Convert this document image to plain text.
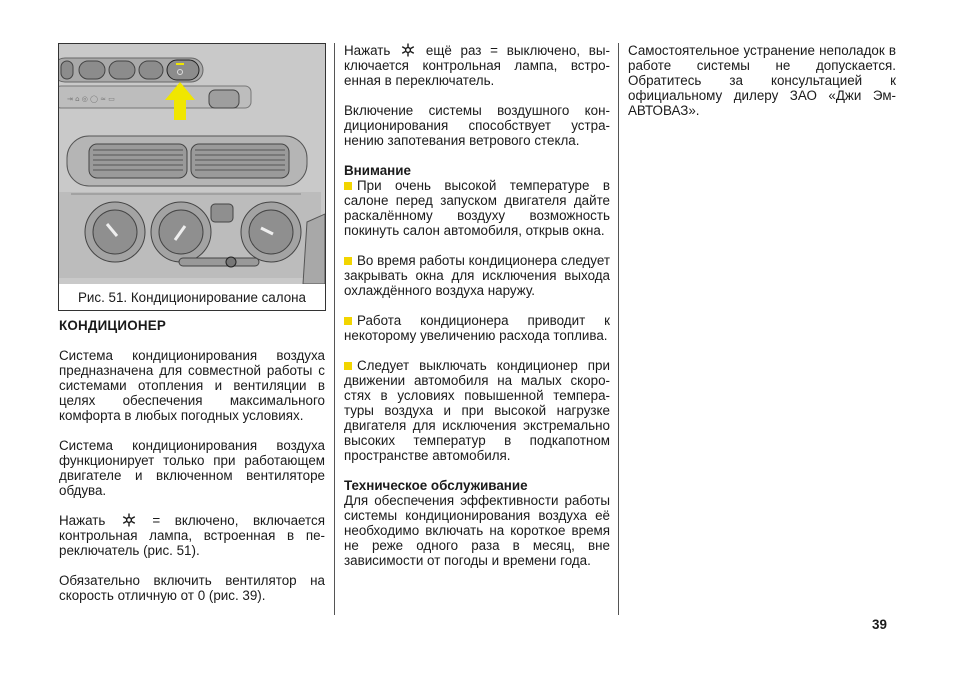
⇥ ⌂ ◎ ◯ ≈ ▭
Рис. 51. Кондиционирование салона

КОНДИЦИОНЕР

Система кондиционирования воздуха предназначена для совместной работы с системами отопления и вентиляции в целях обеспечения максимального комфорта в любых погодных условиях.

Система кондиционирования воздуха функционирует только при работающем двигателе и включенном вентиляторе обдува.

Нажать	= включено, включается контрольная лампа, встроенная в переключатель (рис. 51).

Обязательно включить вентилятор на скорость отличную от 0 (рис. 39).

Нажать	ещё раз = выключено, выключается контрольная лампа, встроенная в переключатель.

Включение системы воздушного кондиционирования способствует устранению запотевания ветрового стекла.

Внимание
При очень высокой температуре в салоне перед запуском двигателя дайте раскалённому воздуху возможность покинуть салон автомобиля, открыв окна.

Во время работы кондиционера следует закрывать окна для исключения выхода охлаждённого воздуха наружу.

Работа кондиционера приводит к некоторому увеличению расхода топлива.

Следует выключать кондиционер при движении автомобиля на малых скоростях в условиях повышенной температуры воздуха и при высокой нагрузке двигателя для исключения экстремально высоких температур в подкапотном пространстве автомобиля.

Техническое обслуживание
Для обеспечения эффективности работы системы кондиционирования воздуха её необходимо включать на короткое время не реже одного раза в месяц, вне зависимости от погоды и времени года.

Самостоятельное устранение неполадок в работе системы не допускается. Обратитесь за консультацией к официальному дилеру ЗАО «Джи Эм-АВТОВАЗ».

39
